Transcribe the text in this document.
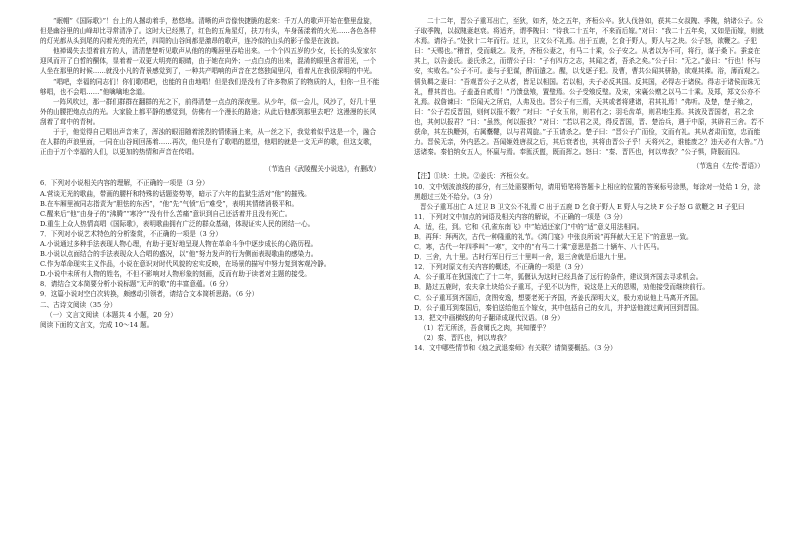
“眠帽”《国际歌》”！台上的人撂动着手，愁悠地。清晰的声音像快捷脆的起来：千万人的歌声开始在整里盘旋，但是幽谷里的山峰却比寻常清净了。这时大已经黑了，红色的五角星灯，扶刀有头，车身荡漾着的火光……各色各样的灯光都从头到尾的闪着光亮的光芒，四周的山谷间都是激昂的歌声，连冷似的山头的影子像是在波浪。

他禅谒失去望着前方的人，清清楚楚听见歌声从他的的嘴唇里吞哈出来。一个个四五岁的少女，长长的头发家尔迎风而开了白皙的酮体，显着着一双更大明亮的眼睛，由于她在向外；一点白点的出来，混淆的眼里含着泪光，一个人坐在那里的时候……就没小凡的背景感觉到了，一种共产唱响的声音在艺悠独闻里闪，看着凡在我很深明的中光。

“唱吧，幸福的同志们！你们歌唱吧，也能的自由地唱！但是我们是没有了许多物质了的物质的人，但你一旦不能够唱，也不会唱……”他噙噙地念道。

一阵风吹过，那一群们群群在翻群的光之下，前得清楚一点点的深夜里。从少年，似一会儿，风沙了，好几十里外的山腰把炮点点的光。大家脸上都平静的感觉到，仿佛有一个漫长的路途；从此后他都到那里去吧？这漫漫的长风刮着了茸中的青树。

于于，他觉得自己唱出声音来了，浑浊的眼泪随着浓烈的情愫涌上来，从一丝之下，我觉着似乎这是一个，融合在人群的声浪里面，一同在山谷间回荡着……再次，他只是有了歌唱的愿望，他唱的就是一支无声的歌，但这支歌，正由于万个幸福的人们，以更加的热情和声音在传唱。

（节选自《武陵醒关小说选》，有删改）

6．下列对小说相关内容的理解，不正确的一项是（3 分）

A.营谈无光的歌曲，带画的腰杆和特殊的话题姿势等，暗示了六年的监狱生活对“他”的摧残。

B.在车厢里被同志指责为“胆怯的东西”，“他”先“气愤”后“难受”，表明其情绪消极平和。

C.醒来后“他”由身子的“沸腾”“寒冷”“没有什么苦痛”意识到自己还活着并且没有死亡。

D.重生上众人热情高唱《国际歌》，表明歌曲拥有广泛的群众基础，体现证实人民的团结一心。

7．下列对小说艺术特色的分析鉴赏，不正确的一项是（3 分）

A.小说通过多种手法表现人物心理，有助于更好地呈现人物在革命斗争中逐步成长的心路历程。

B.小说以点面结合的手法表现众人合唱的盛况，以“他”努力发声的行为侧面表现歌曲的感染力。

C.作为革命现实主义作品，小说在意识对时代风貌的宏实反映，在场景的描写中努力复到客观冷静。

D.小说中未所有人物的姓名，不但不影响对人物形象的刻画，反而有助于读者对主题的接受。

8．请结合文本简要分析小说标题“无声的歌”的丰富意蕴。（6 分）

9．这篇小说对空白次转换，颇感动引领者，请结合文本简析思路。（6 分）

二、古诗文阅读（35 分）

（一）文言文阅读（本题共 4 小题，20 分）

阅读下面的文言文，完成 10～14 题。

二十二年，晋公子重耳出亡，至狄，如齐，处之五年，齐桓公卒。狄人伐咎如，获其二女叔隗、季隗，纳诸公子。公子取季隗，以叔隗妻赵衰。将适齐，谓季隗曰：“待我二十五年，不来而后嫁。”对曰：“我二十五年矣，又如是而嫁，则就木焉。请待子。”处狄十二年而行。过卫，卫文公不礼焉。出于五鹿，乞食于野人，野人与之块。公子怒，欲鞭之。子犯曰：“天赐也。”稽首，受而载之。及齐，齐桓公妻之，有马二十乘，公子安之。从者以为不可，将行，谋于桑下。蚕妾在其上，以告姜氏。姜氏杀之，而谓公子曰：“子有四方之志，其闻之者，吾杀之矣。”公子曰：“无之。”姜曰：“行也！怀与安，实败名。”公子不可。姜与子犯谋，醉而遣之。醒，以戈逐子犯。及曹，曹共公闻其骈胁，欲观其裸。浴，薄而观之。僖负羁之妻曰：“吾观晋公子之从者，皆足以相国。若以相，夫子必反其国。反其国，必得志于诸侯。得志于诸侯而诛无礼，曹其首也。子盍蚤自贰焉！”乃馈盘飧，置璧焉。公子受飧反璧。及宋，宋襄公赠之以马二十乘。及郑，郑文公亦不礼焉。叔詹谏曰：“臣闻天之所启，人弗及也。晋公子有三焉，天其或者将建诸，君其礼焉！”弗听。及楚，楚子飨之，曰：“公子若反晋国，则何以报不穀？”对曰：“子女玉帛，则君有之；羽毛齿革，则君地生焉。其波及晋国者，君之余也，其何以报君？”曰：“虽然，何以报我？”对曰：“若以君之灵，得反晋国，晋、楚治兵，遇于中原，其辟君三舍。若不获命，其左执鞭弭，右属櫜鞬，以与君周旋。”子玉请杀之。楚子曰：“晋公子广而俭，文而有礼。其从者肃而宽，忠而能力。晋侯无亲，外内恶之。吾闻姬姓唐叔之后，其后衰者也，其将由晋公子乎！天将兴之，谁能废之？违天必有大咎。”乃送诸秦。秦伯纳女五人，怀嬴与焉。奉匜沃盥，既而挥之。怒曰：“秦、晋匹也，何以卑我？”公子惧，降服而囚。

（节选自《左传·晋语》）

【注】①块：土块。②姜氏：齐桓公女。

10．文中划波浪线的部分，有三处需要断句，请用铅笔将答题卡上相应的位置的答案标号涂黑，每涂对一处给 1 分，涂黑超过三处不给分。（3 分）

晋公子重耳出亡 A 过卫 B 卫文公不礼焉 C 出于五鹿 D 乞食于野人 E 野人与之块 F 公子怒 G 欲鞭之 H 子犯曰

11．下列对文中加点的词语及相关内容的解说，不正确的一项是（3 分）

A．适，往，到。它和《孔雀东南飞》中“始适还家门”中的“适”意义用法相同。

B．再拜：拜两次，古代一种隆重的礼节。《鸿门宴》中张良所说“再拜献大王足下”的意思一致。

C．寒，古代一年四季叫“一寒”，文中的“有马二十乘”意思是指二十辆车、八十匹马。

D．三舍，九十里。古时行军日行三十里叫一舍，退三舍就是后退九十里。

12．下列对原文有关内容的概述，不正确的一项是（3 分）

A．公子重耳在狄国流亡了十二年，狐偃认为这时已经具备了远行的条件，建议到齐国去寻求机会。

B．路过五鹿时，农夫拿土块给公子重耳，子犯不以为忤，说这是上天的恩赐，劝他接受而继续前行。

C．公子重耳到齐国后，贪图安逸，想要老死于齐国，齐姜氏深明大义，极力劝说他上马离开齐国。

D．公子重耳到秦国后，秦伯送给他五个嫁女，其中包括自己的女儿，并护送他渡过黄河回到晋国。

13．把文中画横线的句子翻译成现代汉语。（8 分）

（1）若无所济，吾食舅氏之肉，其知餍乎？

（2）秦、晋匹也，何以卑我？

14．文中哪些情节和《烛之武退秦师》有关联？请简要概括。（3 分）
